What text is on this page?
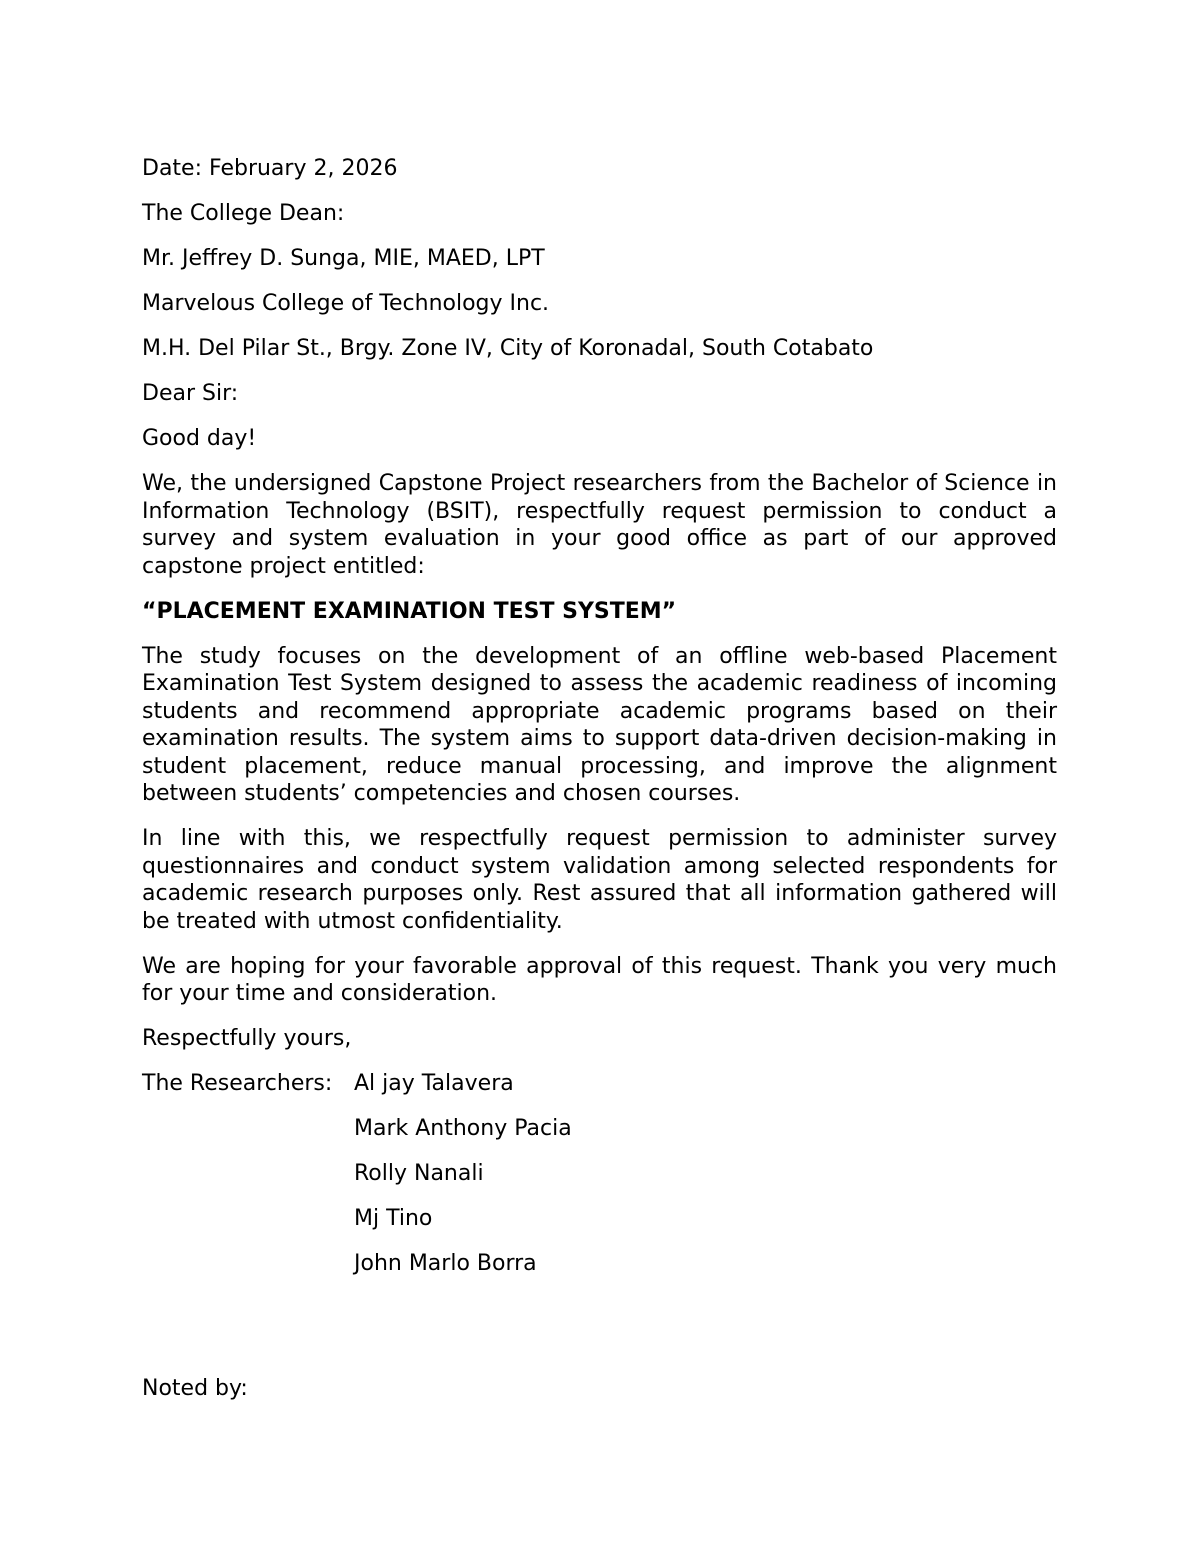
Date: February 2, 2026
The College Dean:
Mr. Jeffrey D. Sunga, MIE, MAED, LPT
Marvelous College of Technology Inc.
M.H. Del Pilar St., Brgy. Zone IV, City of Koronadal, South Cotabato
Dear Sir:
Good day!
We, the undersigned Capstone Project researchers from the Bachelor of Science in Information Technology (BSIT), respectfully request permission to conduct a survey and system evaluation in your good office as part of our approved capstone project entitled:
“PLACEMENT EXAMINATION TEST SYSTEM”
The study focuses on the development of an offline web-based Placement Examination Test System designed to assess the academic readiness of incoming students and recommend appropriate academic programs based on their examination results. The system aims to support data-driven decision-making in student placement, reduce manual processing, and improve the alignment between students’ competencies and chosen courses.
In line with this, we respectfully request permission to administer survey questionnaires and conduct system validation among selected respondents for academic research purposes only. Rest assured that all information gathered will be treated with utmost confidentiality.
We are hoping for your favorable approval of this request. Thank you very much for your time and consideration.
Respectfully yours,
The Researchers: Al jay Talavera
Mark Anthony Pacia
Rolly Nanali
Mj Tino
John Marlo Borra
Noted by:
